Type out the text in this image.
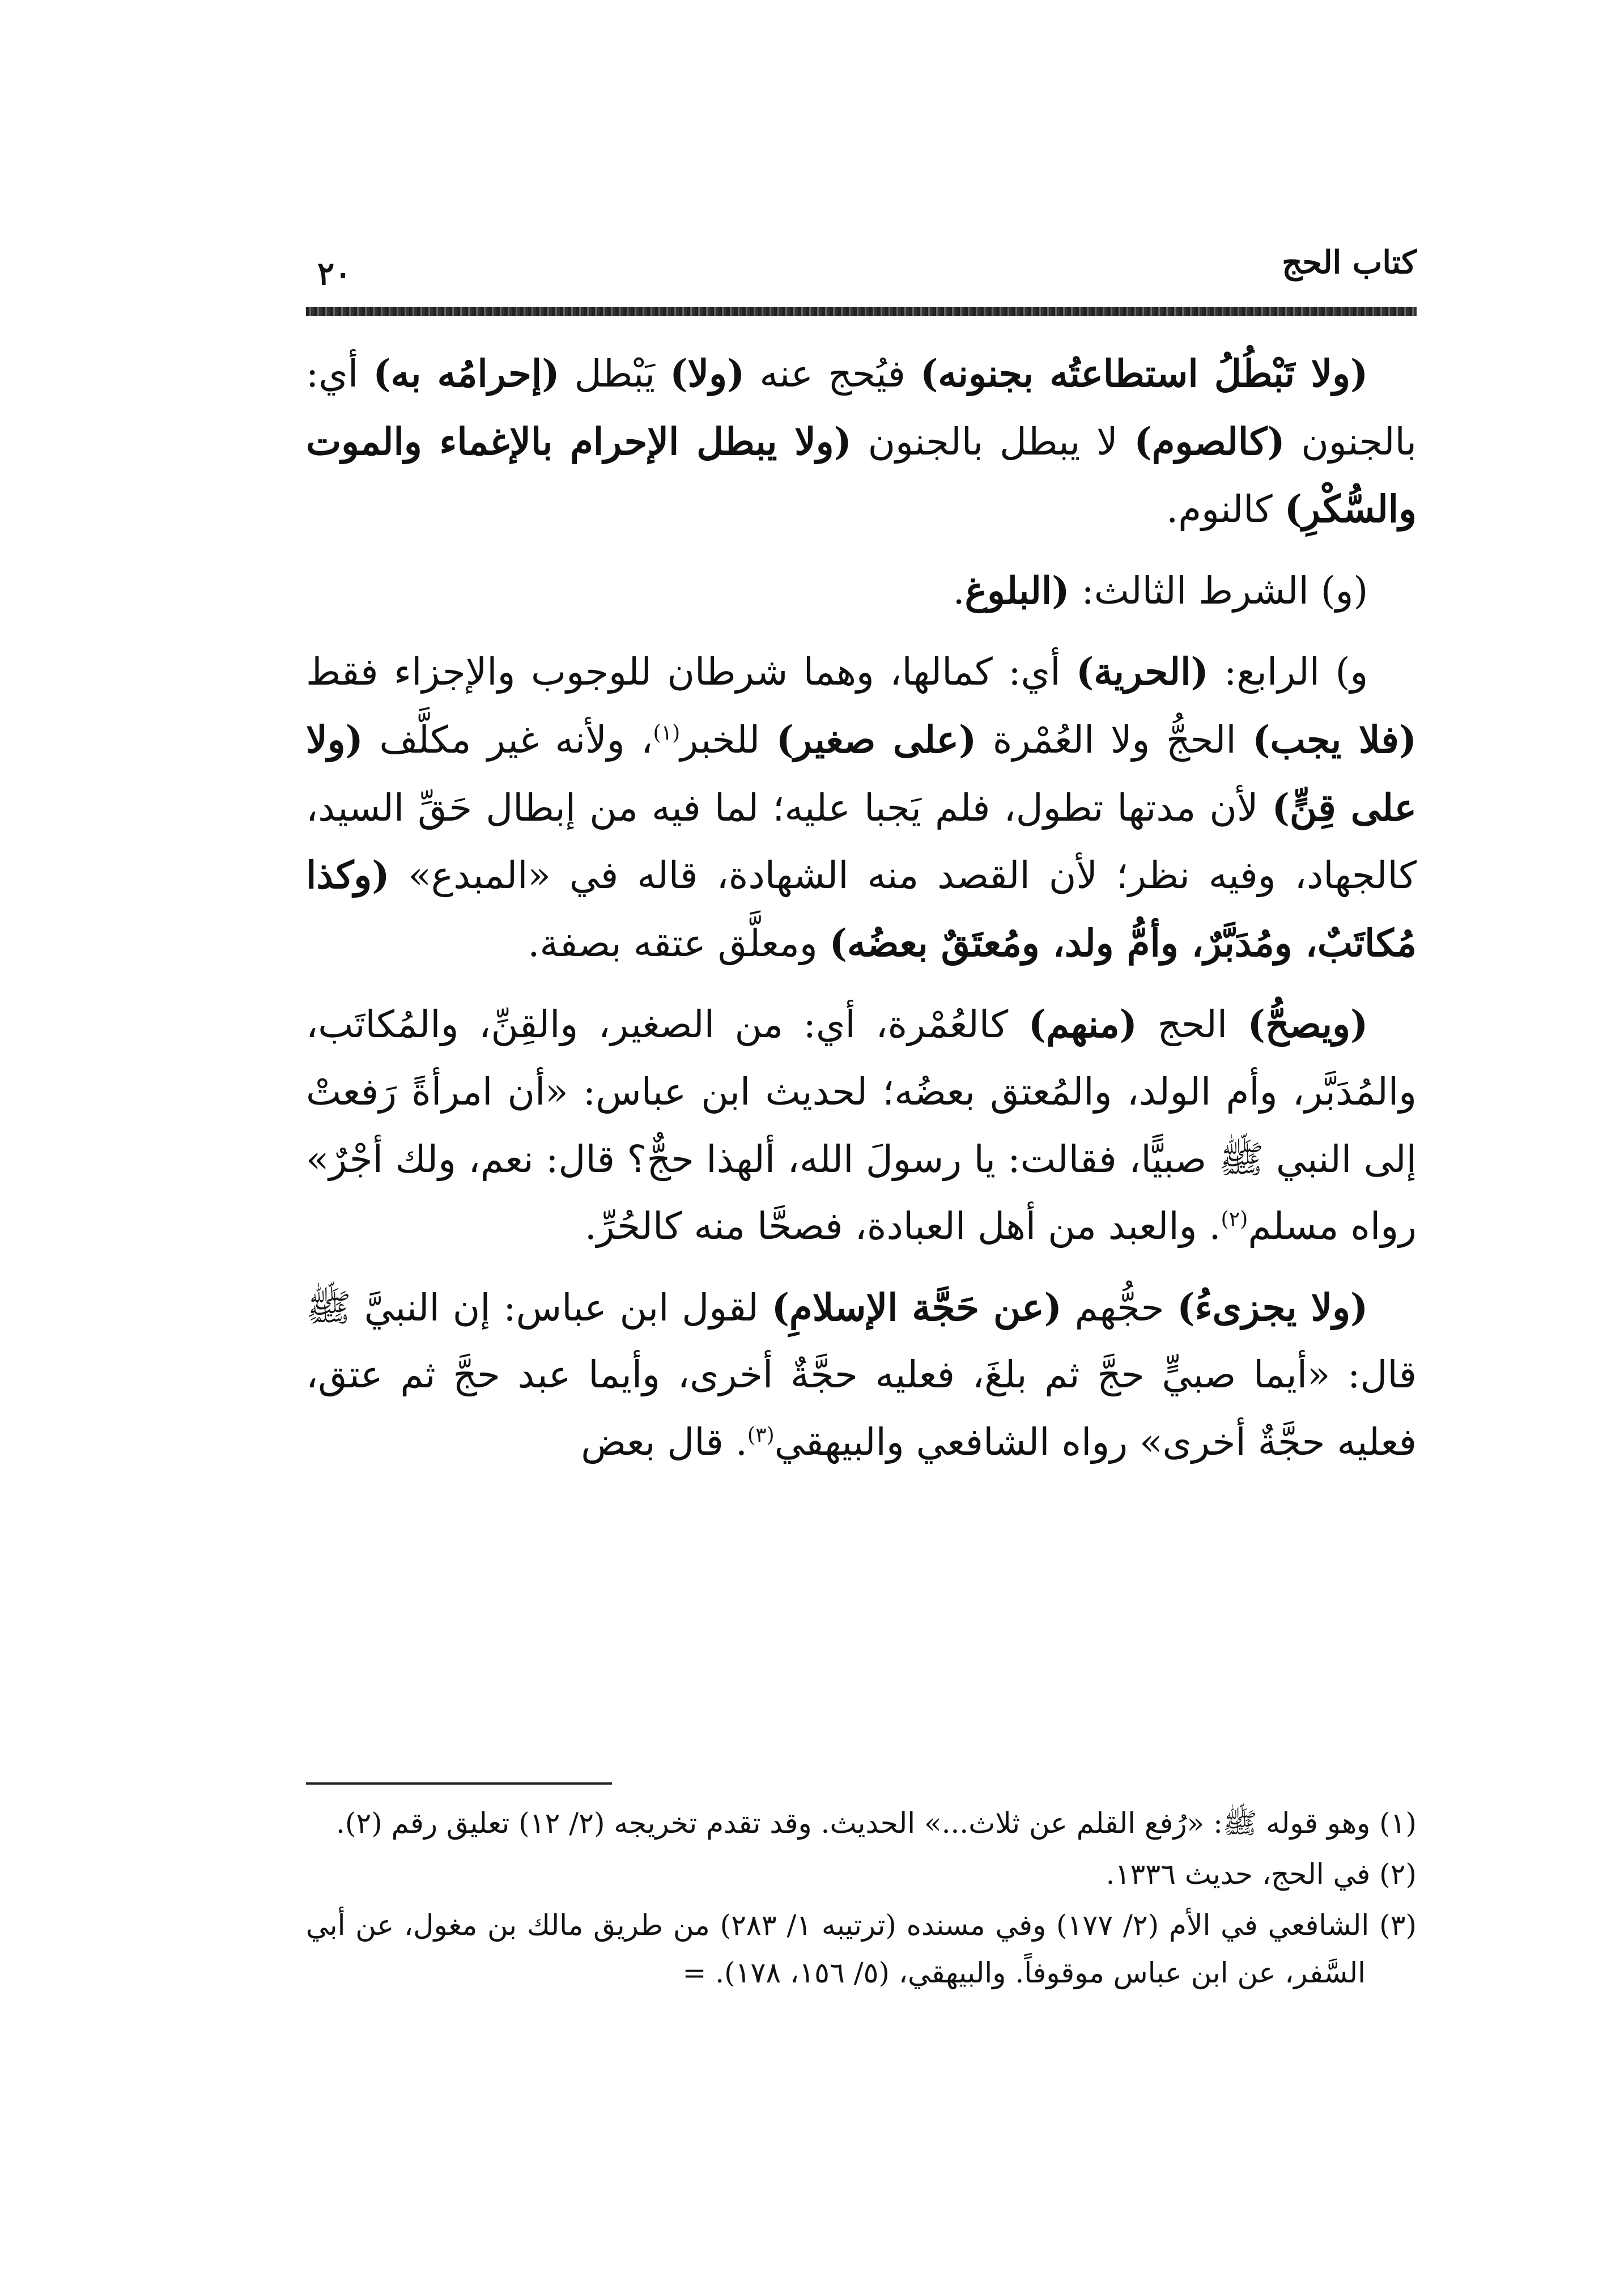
كتاب الحج
٢٠

(ولا تَبْطُلُ استطاعتُه بجنونه) فيُحج عنه (ولا) يَبْطل (إحرامُه به) أي: بالجنون (كالصوم) لا يبطل بالجنون (ولا يبطل الإحرام بالإغماء والموت والسُّكْرِ) كالنوم.

(و) الشرط الثالث: (البلوغ.

و) الرابع: (الحرية) أي: كمالها، وهما شرطان للوجوب والإجزاء فقط (فلا يجب) الحجُّ ولا العُمْرة (على صغير) للخبر$^{(١)}$، ولأنه غير مكلَّف (ولا على قِنٍّ) لأن مدتها تطول، فلم يَجبا عليه؛ لما فيه من إبطال حَقِّ السيد، كالجهاد، وفيه نظر؛ لأن القصد منه الشهادة، قاله في «المبدع» (وكذا مُكاتَبٌ، ومُدَبَّرٌ، وأمُّ ولد، ومُعتَقٌ بعضُه) ومعلَّق عتقه بصفة.

(ويصحُّ) الحج (منهم) كالعُمْرة، أي: من الصغير، والقِنِّ، والمُكاتَب، والمُدَبَّر، وأم الولد، والمُعتق بعضُه؛ لحديث ابن عباس: «أن امرأةً رَفعتْ إلى النبي ﷺ صبيًّا، فقالت: يا رسولَ الله، ألهذا حجٌّ؟ قال: نعم، ولك أجْرٌ» رواه مسلم$^{(٢)}$. والعبد من أهل العبادة، فصحَّا منه كالحُرِّ.

(ولا يجزىءُ) حجُّهم (عن حَجَّة الإسلامِ) لقول ابن عباس: إن النبيَّ ﷺ قال: «أيما صبيٍّ حجَّ ثم بلغَ، فعليه حجَّةٌ أخرى، وأيما عبد حجَّ ثم عتق، فعليه حجَّةٌ أخرى» رواه الشافعي والبيهقي$^{(٣)}$. قال بعض

(١) وهو قوله ﷺ: «رُفع القلم عن ثلاث...» الحديث. وقد تقدم تخريجه (٢/ ١٢) تعليق رقم (٢).
(٢) في الحج، حديث ١٣٣٦.
(٣) الشافعي في الأم (٢/ ١٧٧) وفي مسنده (ترتيبه ١/ ٢٨٣) من طريق مالك بن مغول، عن أبي السَّفر، عن ابن عباس موقوفاً. والبيهقي، (٥/ ١٥٦، ١٧٨). =
